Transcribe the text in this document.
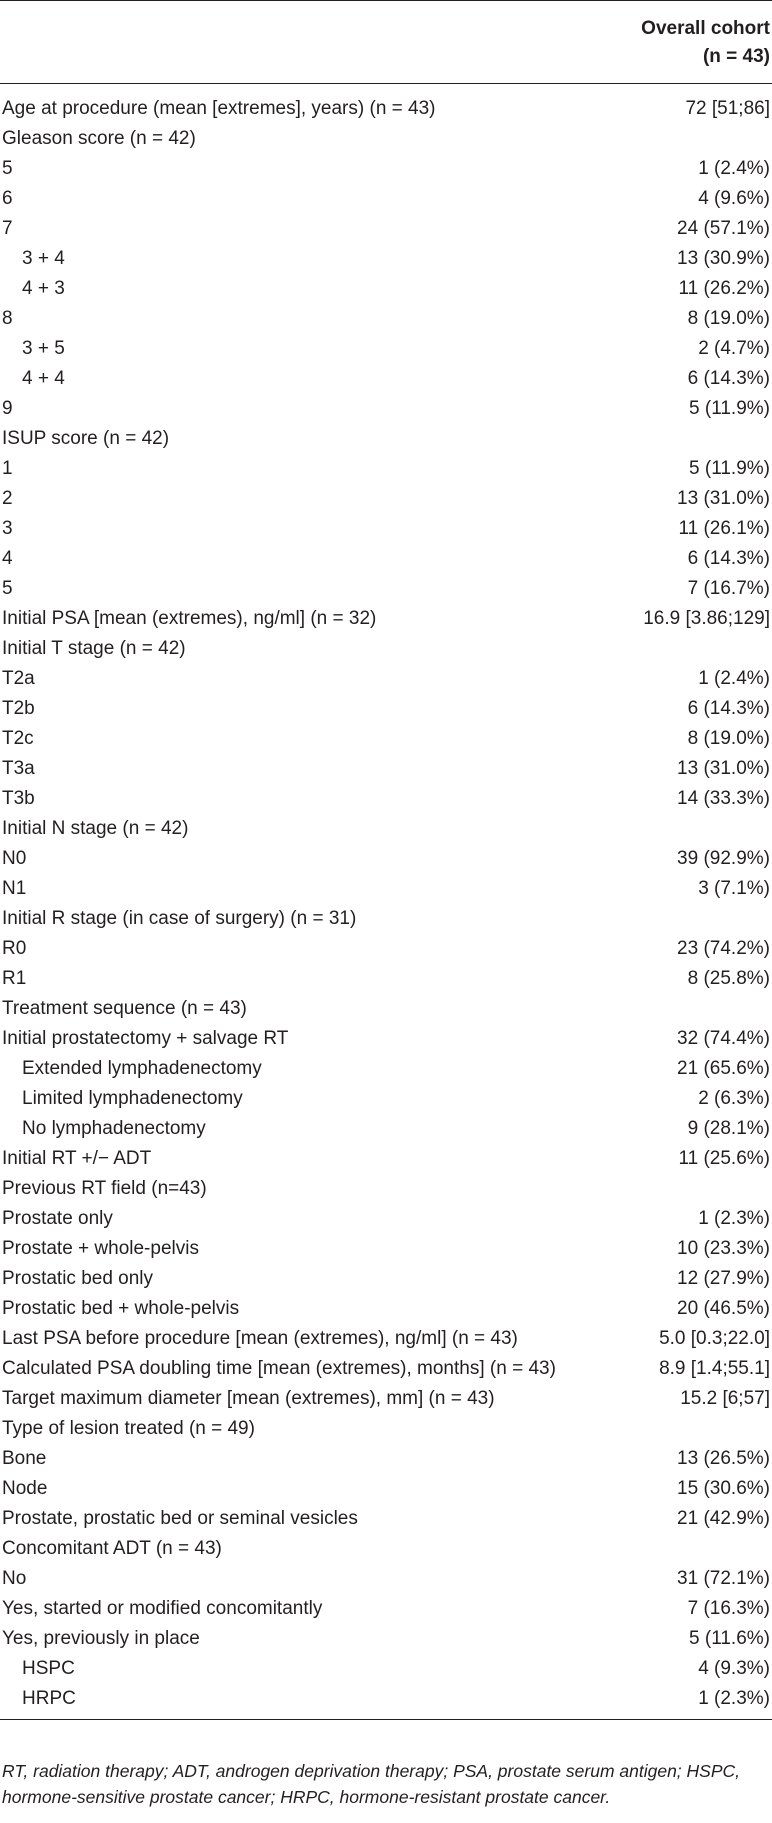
	Overall cohort
(n = 43)
Age at procedure (mean [extremes], years) (n = 43)	72 [51;86]
Gleason score (n = 42)	
5	1 (2.4%)
6	4 (9.6%)
7	24 (57.1%)
3 + 4	13 (30.9%)
4 + 3	11 (26.2%)
8	8 (19.0%)
3 + 5	2 (4.7%)
4 + 4	6 (14.3%)
9	5 (11.9%)
ISUP score (n = 42)	
1	5 (11.9%)
2	13 (31.0%)
3	11 (26.1%)
4	6 (14.3%)
5	7 (16.7%)
Initial PSA [mean (extremes), ng/ml] (n = 32)	16.9 [3.86;129]
Initial T stage (n = 42)	
T2a	1 (2.4%)
T2b	6 (14.3%)
T2c	8 (19.0%)
T3a	13 (31.0%)
T3b	14 (33.3%)
Initial N stage (n = 42)	
N0	39 (92.9%)
N1	3 (7.1%)
Initial R stage (in case of surgery) (n = 31)	
R0	23 (74.2%)
R1	8 (25.8%)
Treatment sequence (n = 43)	
Initial prostatectomy + salvage RT	32 (74.4%)
Extended lymphadenectomy	21 (65.6%)
Limited lymphadenectomy	2 (6.3%)
No lymphadenectomy	9 (28.1%)
Initial RT +/− ADT	11 (25.6%)
Previous RT field (n=43)	
Prostate only	1 (2.3%)
Prostate + whole-pelvis	10 (23.3%)
Prostatic bed only	12 (27.9%)
Prostatic bed + whole-pelvis	20 (46.5%)
Last PSA before procedure [mean (extremes), ng/ml] (n = 43)	5.0 [0.3;22.0]
Calculated PSA doubling time [mean (extremes), months] (n = 43)	8.9 [1.4;55.1]
Target maximum diameter [mean (extremes), mm] (n = 43)	15.2 [6;57]
Type of lesion treated (n = 49)	
Bone	13 (26.5%)
Node	15 (30.6%)
Prostate, prostatic bed or seminal vesicles	21 (42.9%)
Concomitant ADT (n = 43)	
No	31 (72.1%)
Yes, started or modified concomitantly	7 (16.3%)
Yes, previously in place	5 (11.6%)
HSPC	4 (9.3%)
HRPC	1 (2.3%)
RT, radiation therapy; ADT, androgen deprivation therapy; PSA, prostate serum antigen; HSPC, hormone-sensitive prostate cancer; HRPC, hormone-resistant prostate cancer.
